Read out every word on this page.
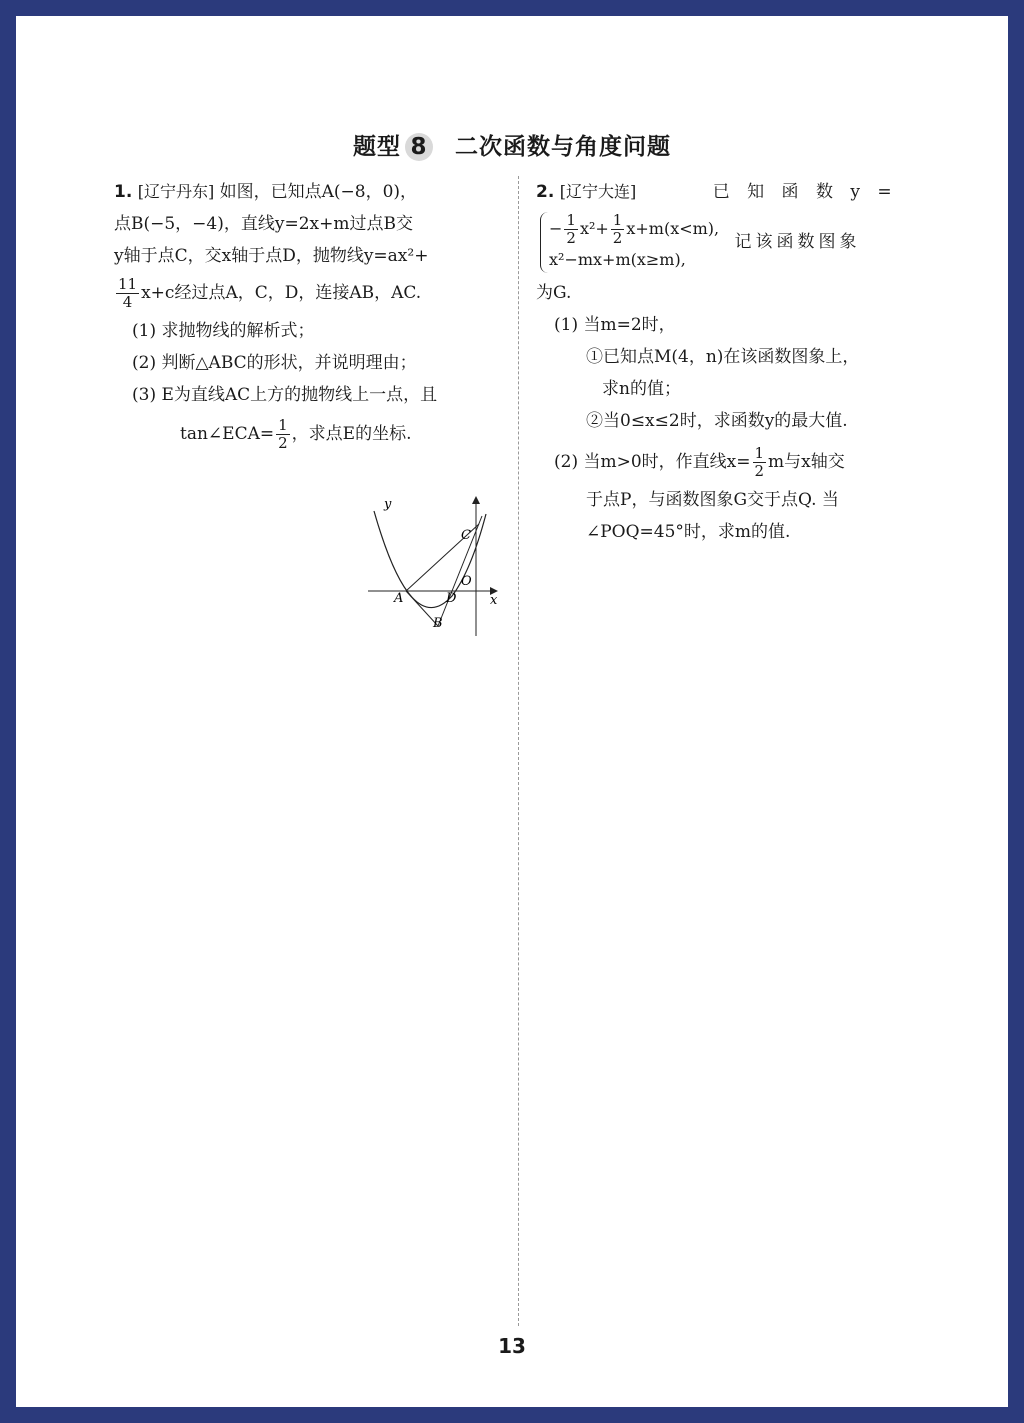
题型 8 二次函数与角度问题
1. [辽宁丹东] 如图，已知点A(−8，0)，
点B(−5，−4)，直线y=2x+m过点B交
y轴于点C，交x轴于点D，抛物线y=ax²+
$\frac{11}{4} x+c$经过点A，C，D，连接AB，AC.
(1) 求抛物线的解析式；
(2) 判断△ABC的形状，并说明理由；
(3) E为直线AC上方的抛物线上一点，且
tan∠ECA= $\frac{1}{2}$ ，求点E的坐标.
y
x
A
B
C
D
O
2. [辽宁大连]	已 知 函 数 y =
− $\frac{1}{2} x^2+ \frac{1}{2} x+m(x<m)$,
x²−mx+m(x≥m),
记该函数图象
为G.
(1) 当m=2时，
①已知点M(4，n)在该函数图象上，
求n的值；
②当0≤x≤2时，求函数y的最大值.
(2) 当m>0时，作直线$x= \frac{1}{2}$ m与x轴交
于点P，与函数图象G交于点Q. 当
∠POQ=45°时，求m的值.
13
